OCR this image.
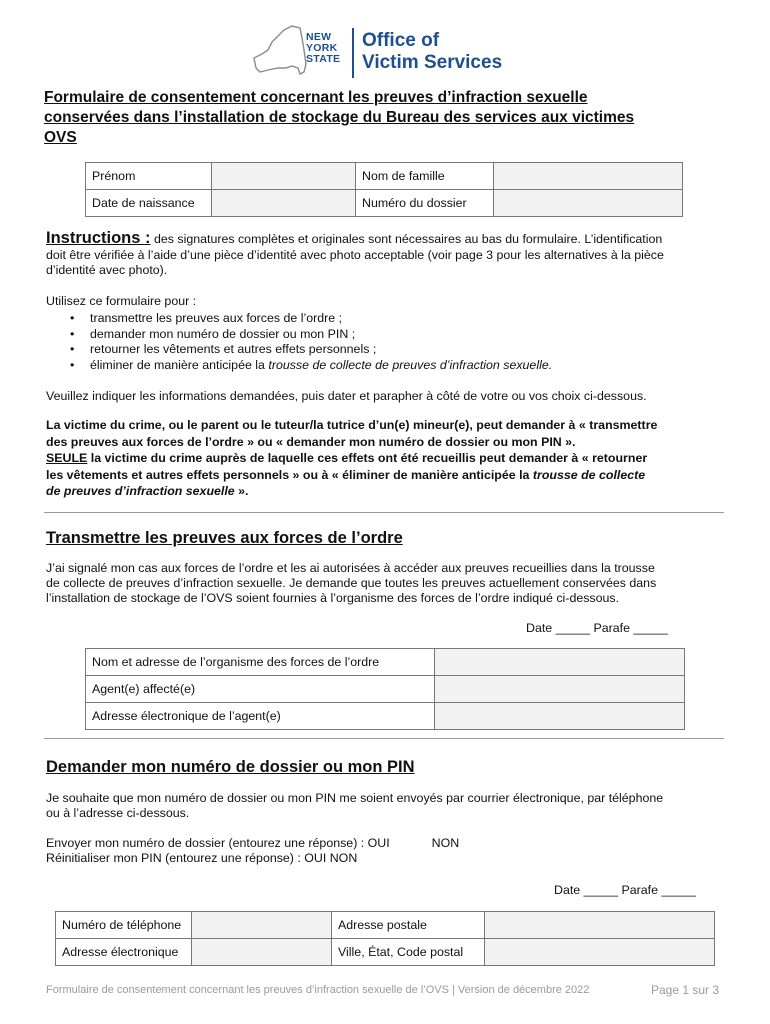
NEW
YORK
STATE
Office of
Victim Services
Formulaire de consentement concernant les preuves d’infraction sexuelle
conservées dans l’installation de stockage du Bureau des services aux victimes
OVS
Prénom		Nom de famille	
Date de naissance		Numéro du dossier	
Instructions : des signatures complètes et originales sont nécessaires au bas du formulaire. L’identification
doit être vérifiée à l’aide d’une pièce d’identité avec photo acceptable (voir page 3 pour les alternatives à la pièce
d’identité avec photo).
Utilisez ce formulaire pour :
• transmettre les preuves aux forces de l’ordre ;
• demander mon numéro de dossier ou mon PIN ;
• retourner les vêtements et autres effets personnels ;
• éliminer de manière anticipée la trousse de collecte de preuves d’infraction sexuelle.
Veuillez indiquer les informations demandées, puis dater et parapher à côté de votre ou vos choix ci-dessous.
La victime du crime, ou le parent ou le tuteur/la tutrice d’un(e) mineur(e), peut demander à « transmettre
des preuves aux forces de l’ordre » ou « demander mon numéro de dossier ou mon PIN ».
SEULE la victime du crime auprès de laquelle ces effets ont été recueillis peut demander à « retourner
les vêtements et autres effets personnels » ou à « éliminer de manière anticipée la trousse de collecte
de preuves d’infraction sexuelle ».
Transmettre les preuves aux forces de l’ordre
J’ai signalé mon cas aux forces de l’ordre et les ai autorisées à accéder aux preuves recueillies dans la trousse
de collecte de preuves d’infraction sexuelle. Je demande que toutes les preuves actuellement conservées dans
l’installation de stockage de l’OVS soient fournies à l’organisme des forces de l’ordre indiqué ci-dessous.
Date _____ Parafe _____
Nom et adresse de l’organisme des forces de l’ordre	
Agent(e) affecté(e)	
Adresse électronique de l’agent(e)	
Demander mon numéro de dossier ou mon PIN
Je souhaite que mon numéro de dossier ou mon PIN me soient envoyés par courrier électronique, par téléphone
ou à l’adresse ci-dessous.
Envoyer mon numéro de dossier (entourez une réponse) : OUI	NON
Réinitialiser mon PIN (entourez une réponse) : OUI NON
Date _____ Parafe _____
Numéro de téléphone		Adresse postale	
Adresse électronique		Ville, État, Code postal	
Formulaire de consentement concernant les preuves d’infraction sexuelle de l’OVS | Version de décembre 2022	Page 1 sur 3
